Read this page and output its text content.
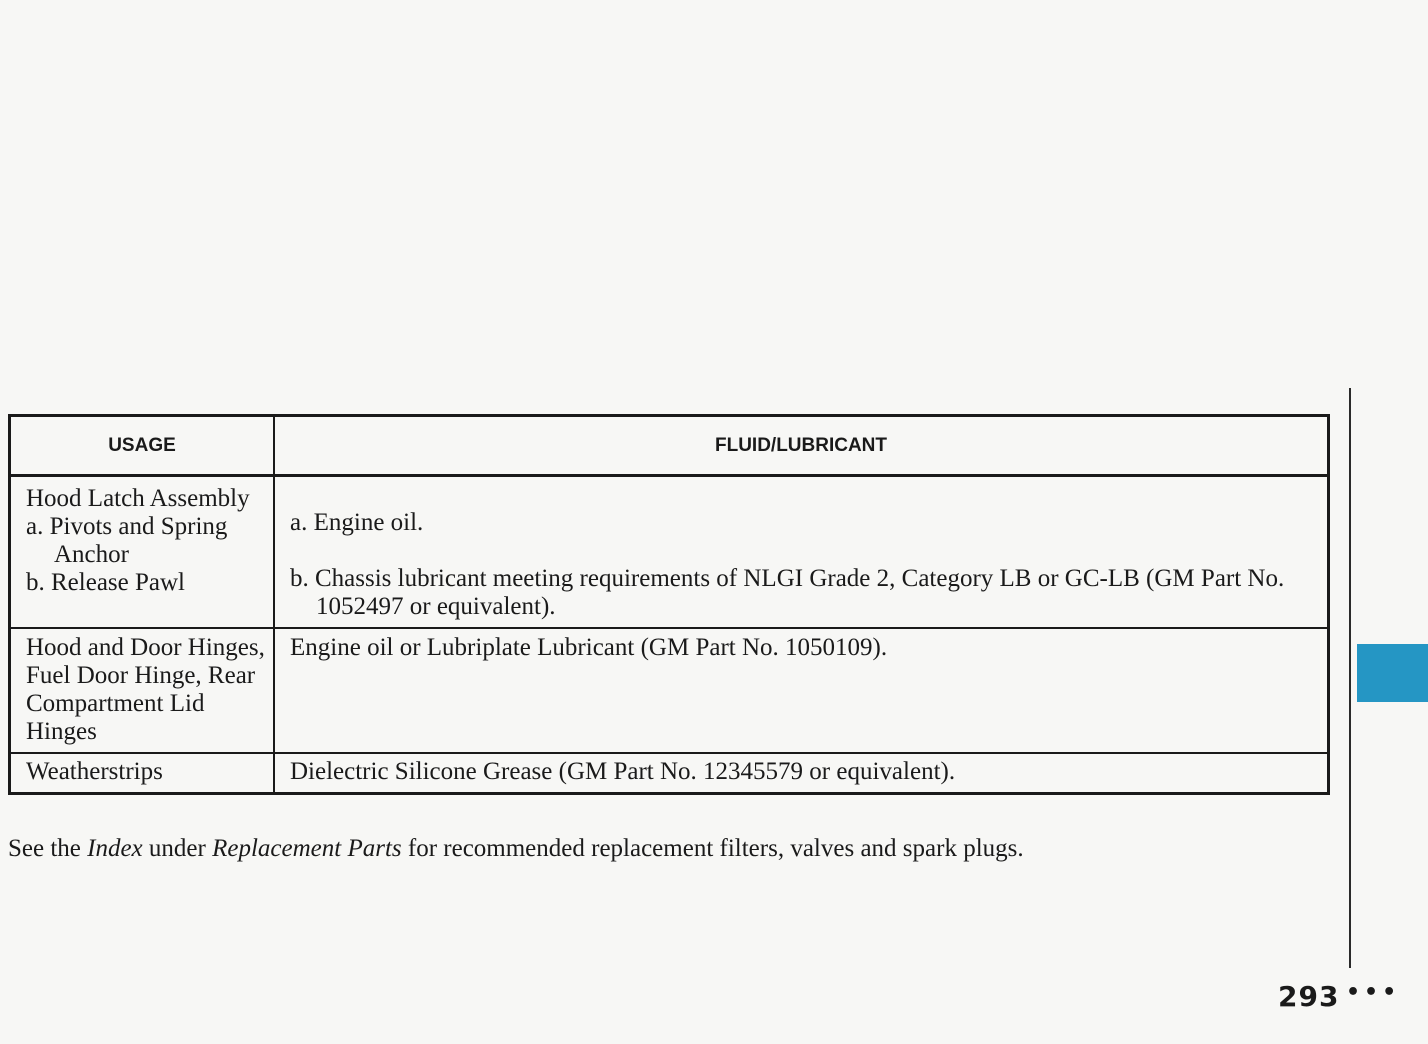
USAGE	FLUID/LUBRICANT

Hood Latch Assembly
a. Pivots and Spring
Anchor
b. Release Pawl	a. Engine oil.
b. Chassis lubricant meeting requirements of NLGI Grade 2, Category LB or GC-LB (GM Part No. 1052497 or equivalent).

Hood and Door Hinges,
Fuel Door Hinge, Rear
Compartment Lid
Hinges	Engine oil or Lubriplate Lubricant (GM Part No. 1050109).

Weatherstrips	Dielectric Silicone Grease (GM Part No. 12345579 or equivalent).

See the Index under Replacement Parts for recommended replacement filters, valves and spark plugs.

293 •••
